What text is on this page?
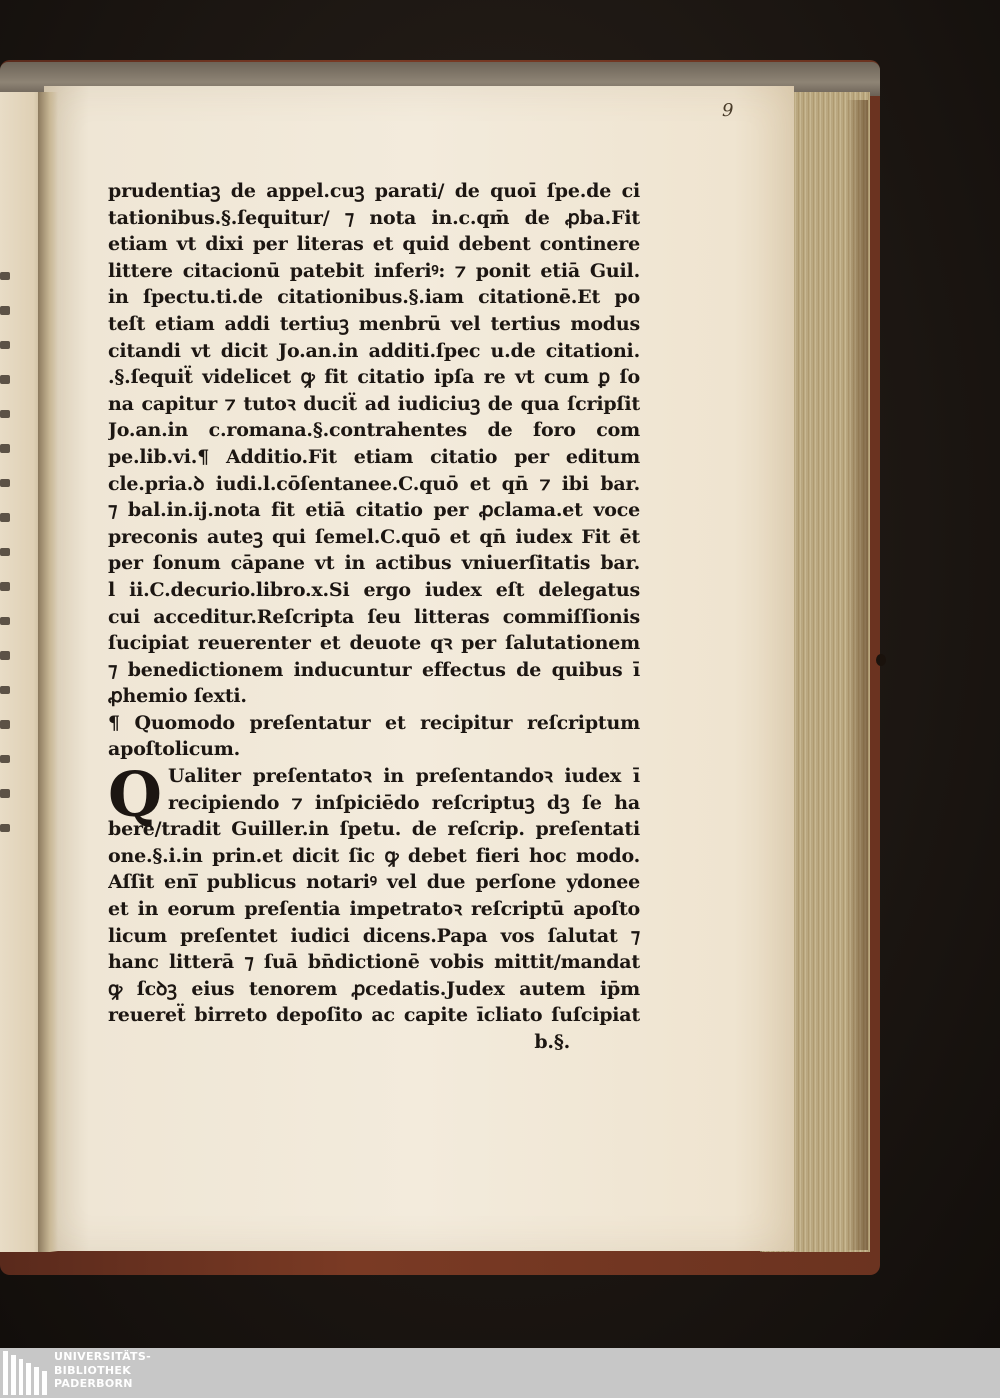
9
prudentiaꝫ de appel.cuꝫ parati/ de quoī ſpe.de ci
tationibus.§.ſequitur/ ⁊ nota in.c.qm̄ de ꝓba.Fit
etiam vt dixi per literas et quid debent continere
littere citacionū patebit inferiꝰ: ⁊ ponit etiā Guil.
in ſpectu.ti.de citationibus.§.iam citationē.Et po
teſt etiam addi tertiuꝫ menbrū vel tertius modus
citandi vt dicit Jo.an.in additi.ſpec u.de citationi.
.§.ſequiẗ videlicet ꝙ fit citatio ipſa re vt cum ꝑ ſo
na capitur ⁊ tutoꝛ duciẗ ad iudiciuꝫ de qua ſcripſit
Jo.an.in c.romana.§.contrahentes de foro com
pe.lib.vi.¶ Additio.Fit etiam citatio per editum
cle.pria.ꝺ iudi.l.cōſentanee.C.quō et qn̄ ⁊ ibi bar.
⁊ bal.in.ij.nota fit etiā citatio per ꝓclama.et voce
preconis auteꝫ qui ſemel.C.quō et qn̄ iudex Fit ēt
per ſonum cāpane vt in actibus vniuerſitatis bar.
l ii.C.decurio.libro.x.Si ergo iudex eſt delegatus
cui acceditur.Reſcripta ſeu litteras commiſſionis
ſucipiat reuerenter et deuote qꝛ per ſalutationem
⁊ benedictionem inducuntur effectus de quibus ī
ꝓhemio ſexti.
¶ Quomodo preſentatur et recipitur reſcriptum
apoſtolicum.
Q Ualiter preſentatoꝛ in preſentandoꝛ iudex ī
recipiendo ⁊ inſpiciēdo reſcriptuꝫ dꝫ ſe ha
bere/tradit Guiller.in ſpetu. de reſcrip. preſentati
one.§.i.in prin.et dicit ſic ꝙ debet fieri hoc modo.
Aſſit eni̅ publicus notariꝰ vel due perſone ydonee
et in eorum preſentia impetratoꝛ reſcriptū apoſto
licum preſentet iudici dicens.Papa vos ſalutat ⁊
hanc litterā ⁊ ſuā bn̄dictionē vobis mittit/mandat
ꝙ ſcꝺꝫ eius tenorem ꝓcedatis.Judex autem ip̄m
reuereẗ birreto depoſito ac capite īcliato ſuſcipiat
b.§.
UNIVERSITÄTS-
BIBLIOTHEK
PADERBORN
